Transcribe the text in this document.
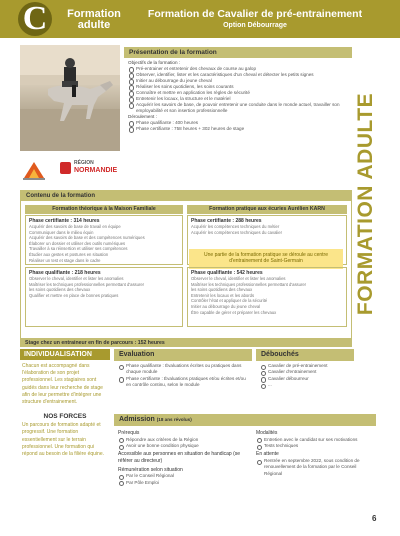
C	Formation
adulte
Formation de Cavalier de pré-entrainement
Option Débourrage
RÉGION
NORMANDIE	FORMATION ADULTE
Présentation de la formation
Objectifs de la formation :
Pré-entrainer et entretenir des chevaux de course au galop
Observer, identifier, lister et les caractéristiques d'un cheval et détecter les petits signes
Initier au débourrage du jeune cheval
Réaliser les soins quotidiens, les soins courants
Connaître et mettre en application les règles de sécurité
Entretenir les locaux, la structure et le matériel
Acquérir les savoirs de base, de pouvoir entretenir une conduite dans le monde actuel, travailler son employabilité et son insertion professionnelle
Déroulement :
Phase qualifiante : 400 heures
Phase certifiante : 758 heures + 302 heures de stage
Contenu de la formation
Formation théorique à la Maison Familiale	Formation pratique aux écuries Aurélien KARN
Phase certifiante : 314 heures
Acquérir des savoirs de base de travail en équipe
Communiquer dans le milieu équin
Acquérir des savoirs de base et des compétences numériques
Élaborer un dossier et utiliser des outils numériques
Travailler à sa réinsertion et utiliser ses compétences
Étudier aux gestes et postures en situation
Réaliser un test et stage dans le cadre
Phase certifiante : 288 heures
Acquérir les compétences techniques du métier
Acquérir les compétences techniques du cavalier
Une partie de la formation pratique se déroule au centre d'entrainement de Saint-Germain
Phase qualifiante : 218 heures
Observer le cheval, identifier et lister les anomalies
Maîtriser les techniques professionnelles permettant d'assurer
les soins quotidiens des chevaux
Qualifier et mettre en place de bonnes pratiques
Phase qualifiante : 542 heures
Observer le cheval, identifier et lister les anomalies
Maîtriser les techniques professionnelles permettant d'assurer
les soins quotidiens des chevaux
Entretenir les locaux et les abords
Contrôler l'état et appliquer de la sécurité
Initier au débourrage du jeune cheval
Être capable de gérer et préparer les chevaux
Stage chez un entraineur en fin de parcours : 152 heures
INDIVIDUALISATION
Chacun est accompagné dans l'élaboration de son projet professionnel. Les stagiaires sont guidés dans leur recherche de stage afin de leur permettre d'intégrer une structure d'entrainement.
NOS FORCES
Un parcours de formation adapté et progressif. Une formation essentiellement sur le terrain professionnel. Une formation qui répond au besoin de la filière équine.
Evaluation
Phase qualifiante : Évaluations écrites ou pratiques dans chaque module
Phase certifiante : Évaluations pratiques et/ou écrites et/ou en contrôle continu, selon le module
Débouchés
Cavalier de pré-entrainement
Cavalier d'entrainement
Cavalier débourreur
...
Admission (18 ans révolus)
Prérequis
Répondre aux critères de la Région
Avoir une bonne condition physique
Accessible aux personnes en situation de handicap (se référer au directeur)
Rémunération selon situation
Par le Conseil Régional
Par Pôle Emploi
Modalités
Entretien avec le candidat sur ses motivations
Tests techniques
En attente
Rentrée en septembre 2022, sous condition de renouvellement de la formation par le Conseil Régional
6
